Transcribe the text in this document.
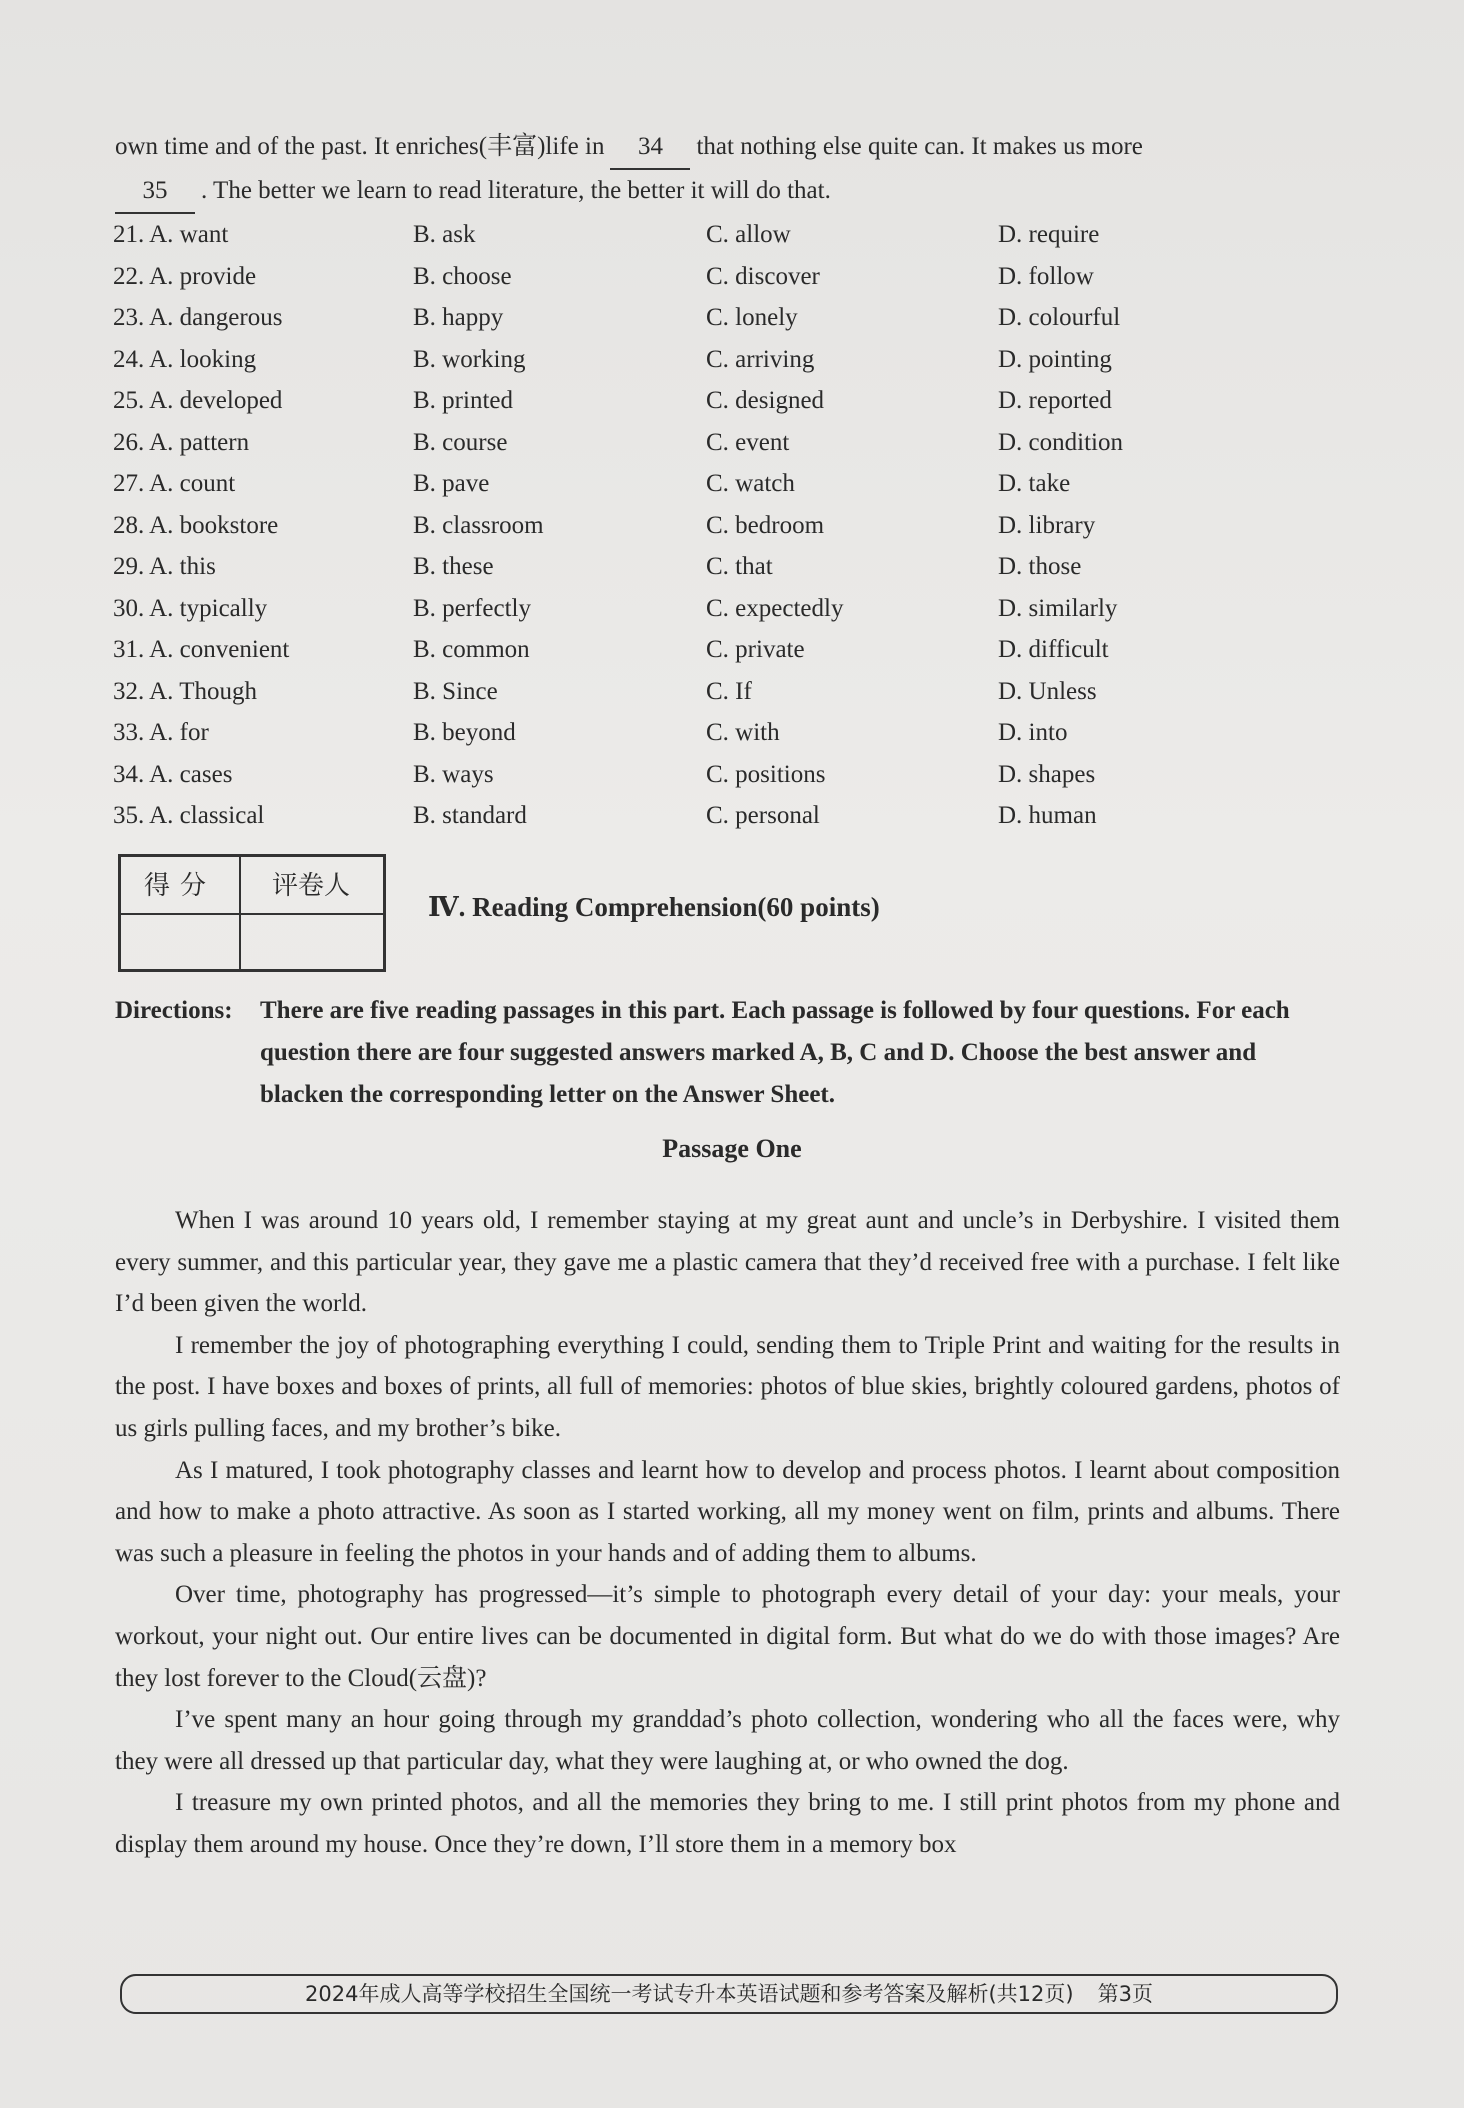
own time and of the past. It enriches(丰富)life in 34 that nothing else quite can. It makes us more
35 . The better we learn to read literature, the better it will do that.
21. A. want	B. ask	C. allow	D. require
22. A. provide	B. choose	C. discover	D. follow
23. A. dangerous	B. happy	C. lonely	D. colourful
24. A. looking	B. working	C. arriving	D. pointing
25. A. developed	B. printed	C. designed	D. reported
26. A. pattern	B. course	C. event	D. condition
27. A. count	B. pave	C. watch	D. take
28. A. bookstore	B. classroom	C. bedroom	D. library
29. A. this	B. these	C. that	D. those
30. A. typically	B. perfectly	C. expectedly	D. similarly
31. A. convenient	B. common	C. private	D. difficult
32. A. Though	B. Since	C. If	D. Unless
33. A. for	B. beyond	C. with	D. into
34. A. cases	B. ways	C. positions	D. shapes
35. A. classical	B. standard	C. personal	D. human
得分	评卷人
Ⅳ. Reading Comprehension(60 points)
Directions: There are five reading passages in this part. Each passage is followed by four questions. For each question there are four suggested answers marked A, B, C and D. Choose the best answer and blacken the corresponding letter on the Answer Sheet.
Passage One

When I was around 10 years old, I remember staying at my great aunt and uncle’s in Derbyshire. I visited them every summer, and this particular year, they gave me a plastic camera that they’d received free with a purchase. I felt like I’d been given the world.

I remember the joy of photographing everything I could, sending them to Triple Print and waiting for the results in the post. I have boxes and boxes of prints, all full of memories: photos of blue skies, brightly coloured gardens, photos of us girls pulling faces, and my brother’s bike.

As I matured, I took photography classes and learnt how to develop and process photos. I learnt about composition and how to make a photo attractive. As soon as I started working, all my money went on film, prints and albums. There was such a pleasure in feeling the photos in your hands and of adding them to albums.

Over time, photography has progressed—it’s simple to photograph every detail of your day: your meals, your workout, your night out. Our entire lives can be documented in digital form. But what do we do with those images? Are they lost forever to the Cloud(云盘)?

I’ve spent many an hour going through my granddad’s photo collection, wondering who all the faces were, why they were all dressed up that particular day, what they were laughing at, or who owned the dog.

I treasure my own printed photos, and all the memories they bring to me. I still print photos from my phone and display them around my house. Once they’re down, I’ll store them in a memory box

2024年成人高等学校招生全国统一考试专升本英语试题和参考答案及解析(共12页) 第3页
